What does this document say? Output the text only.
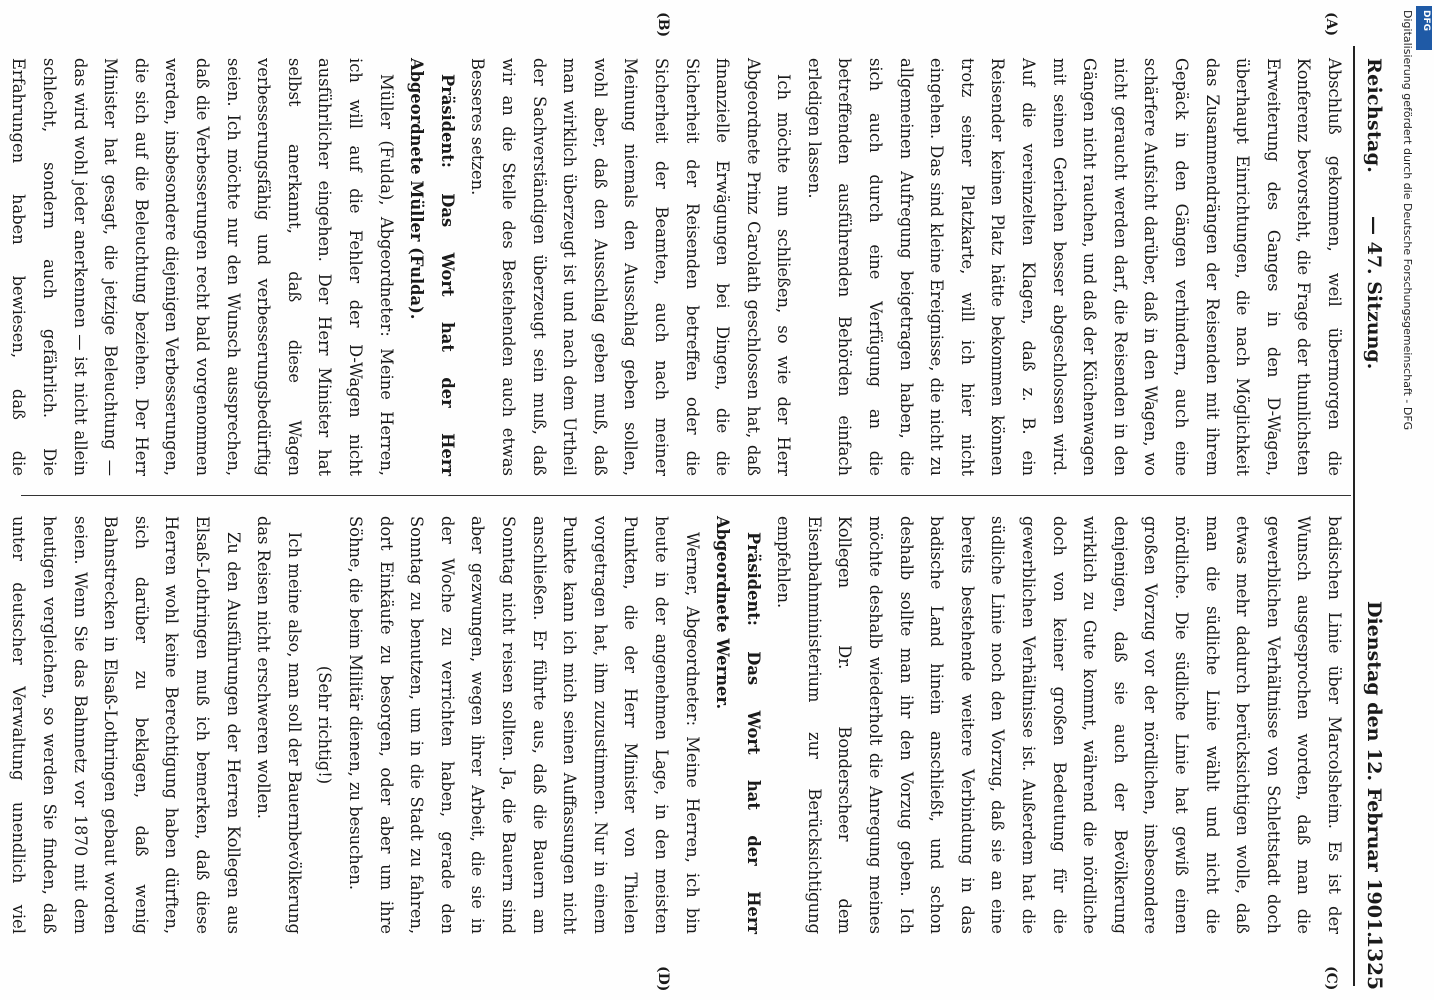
Reichstag.
— 47. Sitzung.
Dienstag den 12. Februar 1901.
1325
(A)
(B)
(C)
(D)

Abschluß gekommen, weil übermorgen die Konferenz bevorsteht, die Frage der thunlichsten Erweiterung des Ganges in den D-Wagen, überhaupt Einrichtungen, die nach Möglichkeit das Zusammendrängen der Reisenden mit ihrem Gepäck in den Gängen verhindern, auch eine schärfere Aufsicht darüber, daß in den Wagen, wo nicht geraucht werden darf, die Reisenden in den Gängen nicht rauchen, und daß der Küchenwagen mit seinen Gerichen besser abgeschlossen wird. Auf die vereinzelten Klagen, daß z. B. ein Reisender keinen Platz hätte bekommen können trotz seiner Platzkarte, will ich hier nicht eingehen. Das sind kleine Ereignisse, die nicht zu allgemeinen Aufregung beigetragen haben, die sich auch durch eine Verfügung an die betreffenden ausführenden Behörden einfach erledigen lassen.

Ich möchte nun schließen, so wie der Herr Abgeordnete Prinz Carolath geschlossen hat, daß finanzielle Erwägungen bei Dingen, die die Sicherheit der Reisenden betreffen oder die Sicherheit der Beamten, auch nach meiner Meinung niemals den Ausschlag geben sollen, wohl aber, daß den Ausschlag geben muß, daß man wirklich überzeugt ist und nach dem Urtheil der Sachverständigen überzeugt sein muß, daß wir an die Stelle des Bestehenden auch etwas Besseres setzen.

Präsident: Das Wort hat der Herr Abgeordnete Müller (Fulda).

Müller (Fulda), Abgeordneter: Meine Herren, ich will auf die Fehler der D-Wagen nicht ausführlicher eingehen. Der Herr Minister hat selbst anerkannt, daß diese Wagen verbesserungsfähig und verbesserungsbedürftig seien. Ich möchte nur den Wunsch aussprechen, daß die Verbesserungen recht bald vorgenommen werden, insbesondere diejenigen Verbesserungen, die sich auf die Beleuchtung beziehen. Der Herr Minister hat gesagt, die jetzige Beleuchtung — das wird wohl jeder anerkennen — ist nicht allein schlecht, sondern auch gefährlich. Die Erfahrungen haben bewiesen, daß die

badischen Linie über Marcolsheim. Es ist der Wunsch ausgesprochen worden, daß man die gewerblichen Verhältnisse von Schlettstadt doch etwas mehr dadurch berücksichtigen wolle, daß man die südliche Linie wählt und nicht die nördliche. Die südliche Linie hat gewiß einen großen Vorzug vor der nördlichen, insbesondere denjenigen, daß sie auch der Bevölkerung wirklich zu Gute kommt, während die nördliche doch von keiner großen Bedeutung für die gewerblichen Verhältnisse ist. Außerdem hat die südliche Linie noch den Vorzug, daß sie an eine bereits bestehende weitere Verbindung in das badische Land hinein anschließt, und schon deshalb sollte man ihr den Vorzug geben. Ich möchte deshalb wiederholt die Anregung meines Kollegen Dr. Bonderscheer dem Eisenbahnministerium zur Berücksichtigung empfehlen.

Präsident: Das Wort hat der Herr Abgeordnete Werner.

Werner, Abgeordneter: Meine Herren, ich bin heute in der angenehmen Lage, in den meisten Punkten, die der Herr Minister von Thielen vorgetragen hat, ihm zuzustimmen. Nur in einem Punkte kann ich mich seinen Auffassungen nicht anschließen. Er führte aus, daß die Bauern am Sonntag nicht reisen sollten. Ja, die Bauern sind aber gezwungen, wegen ihrer Arbeit, die sie in der Woche zu verrichten haben, gerade den Sonntag zu benutzen, um in die Stadt zu fahren, dort Einkäufe zu besorgen, oder aber um ihre Söhne, die beim Militär dienen, zu besuchen.

(Sehr richtig!)

Ich meine also, man soll der Bauernbevölkerung das Reisen nicht erschweren wollen.

Zu den Ausführungen der Herren Kollegen aus Elsaß-Lothringen muß ich bemerken, daß diese Herren wohl keine Berechtigung haben dürften, sich darüber zu beklagen, daß wenig Bahnstrecken in Elsaß-Lothringen gebaut worden seien. Wenn Sie das Bahnnetz vor 1870 mit dem heutigen vergleichen, so werden Sie finden, daß unter deutscher Verwaltung unendlich viel

DFG
Digitalisierung gefördert durch die Deutsche Forschungsgemeinschaft - DFG
